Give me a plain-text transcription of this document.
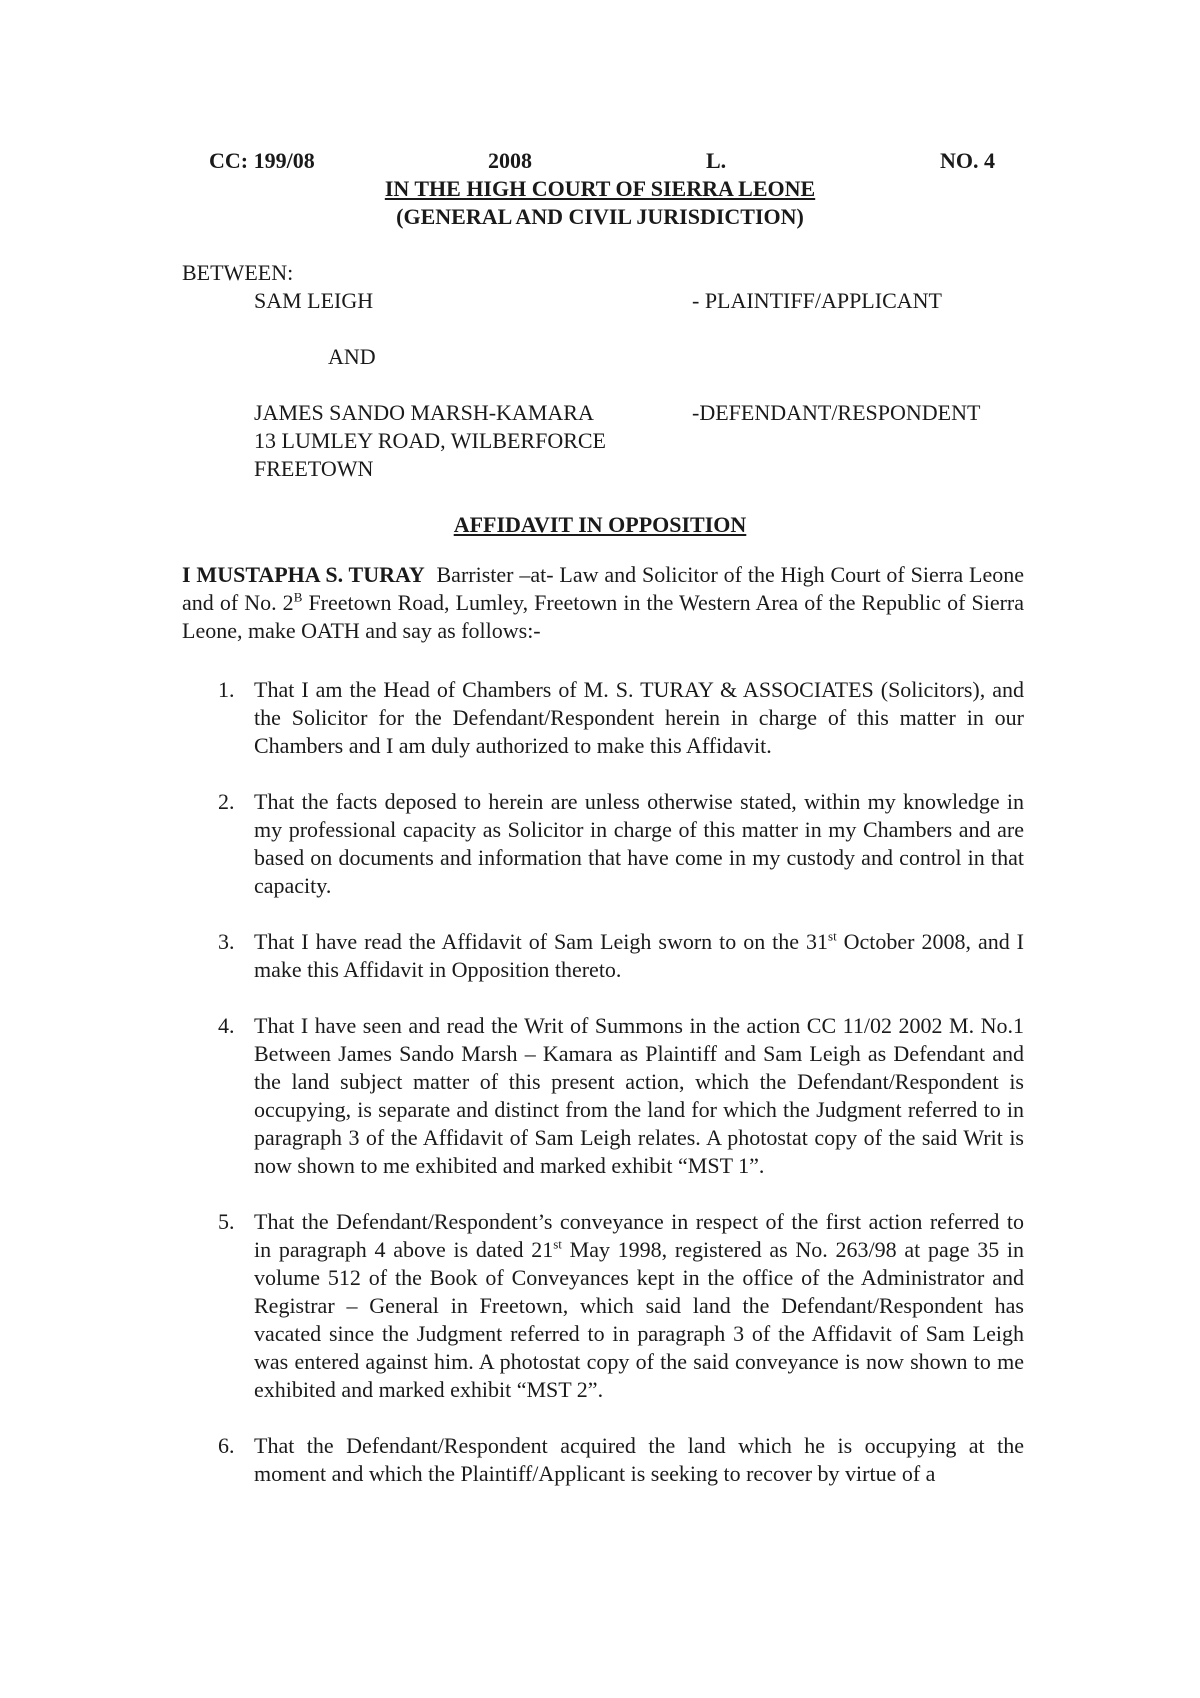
CC: 199/08	2008	L.	NO. 4
IN THE HIGH COURT OF SIERRA LEONE
(GENERAL AND CIVIL JURISDICTION)
BETWEEN:
SAM LEIGH	- PLAINTIFF/APPLICANT
AND
JAMES SANDO MARSH-KAMARA	-DEFENDANT/RESPONDENT
13 LUMLEY ROAD, WILBERFORCE
FREETOWN
AFFIDAVIT IN OPPOSITION
I MUSTAPHA S. TURAY Barrister –at- Law and Solicitor of the High Court of Sierra Leone and of No. $2^B$ Freetown Road, Lumley, Freetown in the Western Area of the Republic of Sierra Leone, make OATH and say as follows:-
1. That I am the Head of Chambers of M. S. TURAY & ASSOCIATES (Solicitors), and the Solicitor for the Defendant/Respondent herein in charge of this matter in our Chambers and I am duly authorized to make this Affidavit.
2. That the facts deposed to herein are unless otherwise stated, within my knowledge in my professional capacity as Solicitor in charge of this matter in my Chambers and are based on documents and information that have come in my custody and control in that capacity.
3. That I have read the Affidavit of Sam Leigh sworn to on the 31st October 2008, and I make this Affidavit in Opposition thereto.
4. That I have seen and read the Writ of Summons in the action CC 11/02 2002 M. No.1 Between James Sando Marsh – Kamara as Plaintiff and Sam Leigh as Defendant and the land subject matter of this present action, which the Defendant/Respondent is occupying, is separate and distinct from the land for which the Judgment referred to in paragraph 3 of the Affidavit of Sam Leigh relates. A photostat copy of the said Writ is now shown to me exhibited and marked exhibit “MST 1”.
5. That the Defendant/Respondent’s conveyance in respect of the first action referred to in paragraph 4 above is dated 21st May 1998, registered as No. 263/98 at page 35 in volume 512 of the Book of Conveyances kept in the office of the Administrator and Registrar – General in Freetown, which said land the Defendant/Respondent has vacated since the Judgment referred to in paragraph 3 of the Affidavit of Sam Leigh was entered against him. A photostat copy of the said conveyance is now shown to me exhibited and marked exhibit “MST 2”.
6. That the Defendant/Respondent acquired the land which he is occupying at the moment and which the Plaintiff/Applicant is seeking to recover by virtue of a
